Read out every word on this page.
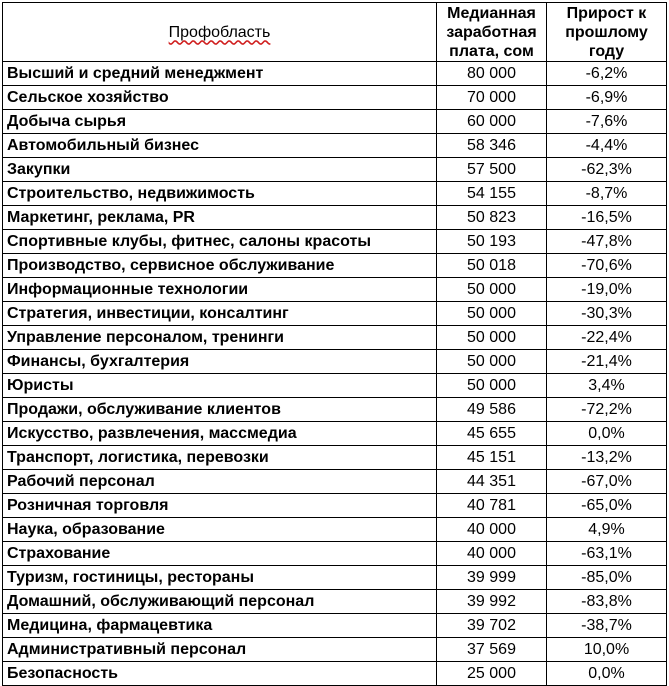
Профобласть	Медианная заработная плата, сом	Прирост к прошлому году
Высший и средний менеджмент	80 000	-6,2%
Сельское хозяйство	70 000	-6,9%
Добыча сырья	60 000	-7,6%
Автомобильный бизнес	58 346	-4,4%
Закупки	57 500	-62,3%
Строительство, недвижимость	54 155	-8,7%
Маркетинг, реклама, PR	50 823	-16,5%
Спортивные клубы, фитнес, салоны красоты	50 193	-47,8%
Производство, сервисное обслуживание	50 018	-70,6%
Информационные технологии	50 000	-19,0%
Стратегия, инвестиции, консалтинг	50 000	-30,3%
Управление персоналом, тренинги	50 000	-22,4%
Финансы, бухгалтерия	50 000	-21,4%
Юристы	50 000	3,4%
Продажи, обслуживание клиентов	49 586	-72,2%
Искусство, развлечения, массмедиа	45 655	0,0%
Транспорт, логистика, перевозки	45 151	-13,2%
Рабочий персонал	44 351	-67,0%
Розничная торговля	40 781	-65,0%
Наука, образование	40 000	4,9%
Страхование	40 000	-63,1%
Туризм, гостиницы, рестораны	39 999	-85,0%
Домашний, обслуживающий персонал	39 992	-83,8%
Медицина, фармацевтика	39 702	-38,7%
Административный персонал	37 569	10,0%
Безопасность	25 000	0,0%
